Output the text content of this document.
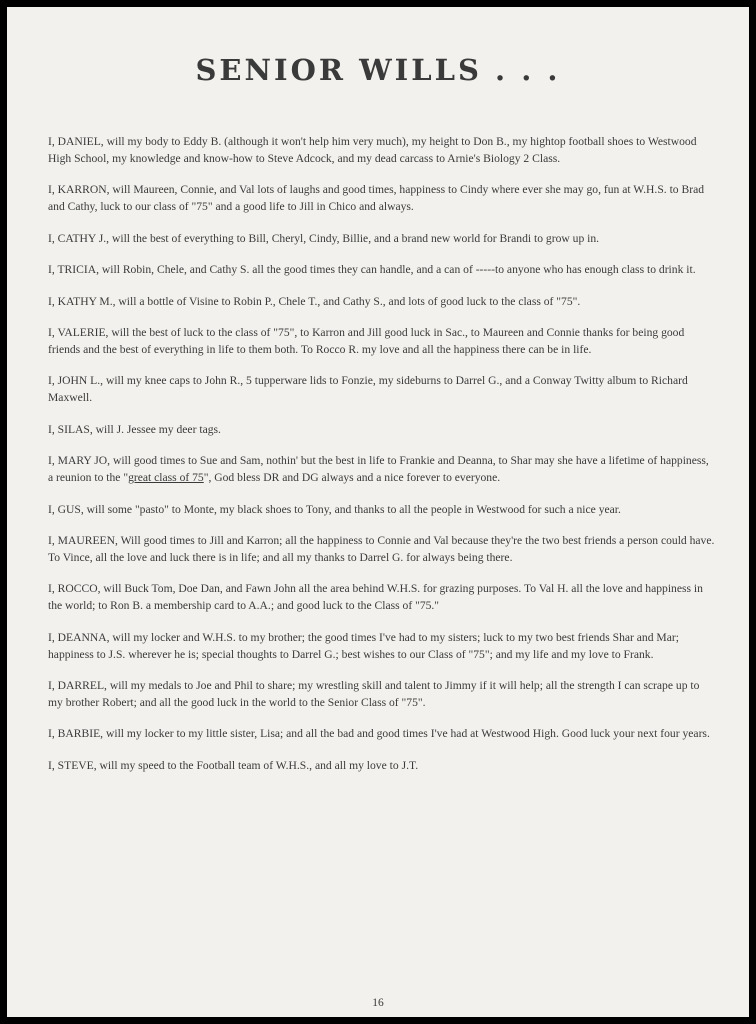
SENIOR WILLS . . .

I, DANIEL, will my body to Eddy B. (although it won't help him very much), my height to Don B., my hightop football shoes to Westwood High School, my knowledge and know-how to Steve Adcock, and my dead carcass to Arnie's Biology 2 Class.

I, KARRON, will Maureen, Connie, and Val lots of laughs and good times, happiness to Cindy where ever she may go, fun at W.H.S. to Brad and Cathy, luck to our class of "75" and a good life to Jill in Chico and always.

I, CATHY J., will the best of everything to Bill, Cheryl, Cindy, Billie, and a brand new world for Brandi to grow up in.

I, TRICIA, will Robin, Chele, and Cathy S. all the good times they can handle, and a can of -----to anyone who has enough class to drink it.

I, KATHY M., will a bottle of Visine to Robin P., Chele T., and Cathy S., and lots of good luck to the class of "75".

I, VALERIE, will the best of luck to the class of "75", to Karron and Jill good luck in Sac., to Maureen and Connie thanks for being good friends and the best of everything in life to them both. To Rocco R. my love and all the happiness there can be in life.

I, JOHN L., will my knee caps to John R., 5 tupperware lids to Fonzie, my sideburns to Darrel G., and a Conway Twitty album to Richard Maxwell.

I, SILAS, will J. Jessee my deer tags.

I, MARY JO, will good times to Sue and Sam, nothin' but the best in life to Frankie and Deanna, to Shar may she have a lifetime of happiness, a reunion to the "great class of 75", God bless DR and DG always and a nice forever to everyone.

I, GUS, will some "pasto" to Monte, my black shoes to Tony, and thanks to all the people in Westwood for such a nice year.

I, MAUREEN, Will good times to Jill and Karron; all the happiness to Connie and Val because they're the two best friends a person could have. To Vince, all the love and luck there is in life; and all my thanks to Darrel G. for always being there.

I, ROCCO, will Buck Tom, Doe Dan, and Fawn John all the area behind W.H.S. for grazing purposes. To Val H. all the love and happiness in the world; to Ron B. a membership card to A.A.; and good luck to the Class of "75."

I, DEANNA, will my locker and W.H.S. to my brother; the good times I've had to my sisters; luck to my two best friends Shar and Mar; happiness to J.S. wherever he is; special thoughts to Darrel G.; best wishes to our Class of "75"; and my life and my love to Frank.

I, DARREL, will my medals to Joe and Phil to share; my wrestling skill and talent to Jimmy if it will help; all the strength I can scrape up to my brother Robert; and all the good luck in the world to the Senior Class of "75".

I, BARBIE, will my locker to my little sister, Lisa; and all the bad and good times I've had at Westwood High. Good luck your next four years.

I, STEVE, will my speed to the Football team of W.H.S., and all my love to J.T.

16
